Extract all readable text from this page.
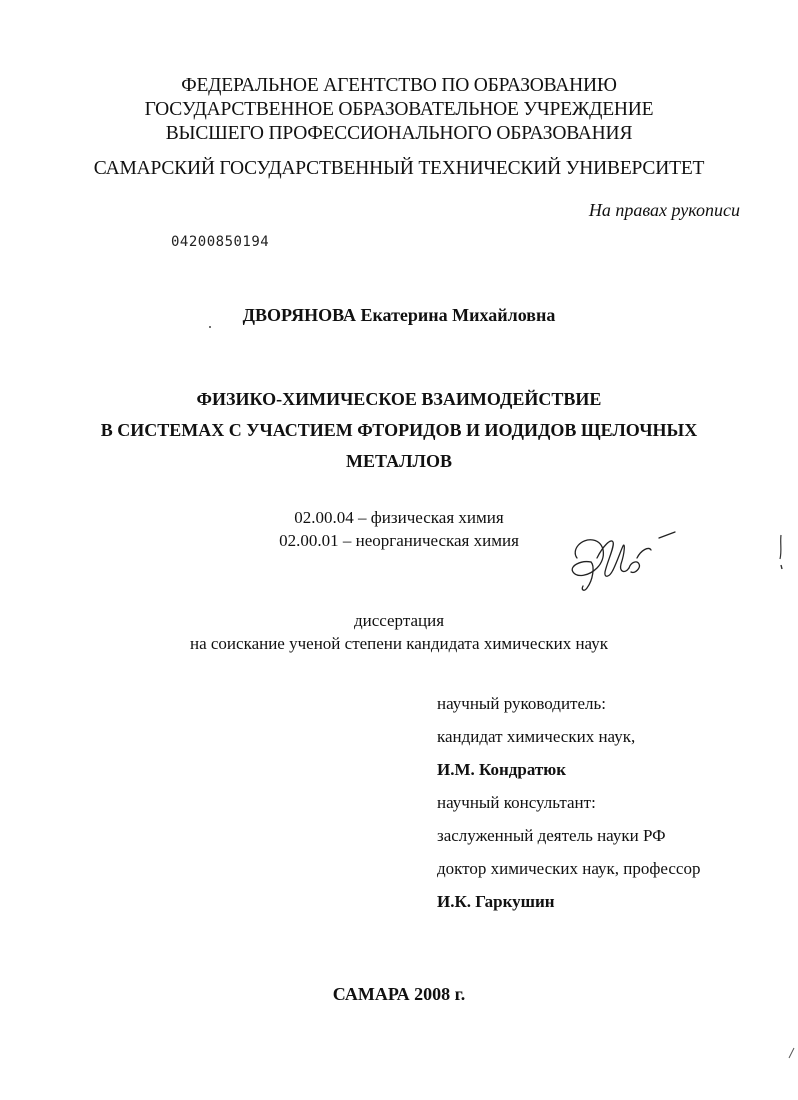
ФЕДЕРАЛЬНОЕ АГЕНТСТВО ПО ОБРАЗОВАНИЮ
ГОСУДАРСТВЕННОЕ ОБРАЗОВАТЕЛЬНОЕ УЧРЕЖДЕНИЕ
ВЫСШЕГО ПРОФЕССИОНАЛЬНОГО ОБРАЗОВАНИЯ
САМАРСКИЙ ГОСУДАРСТВЕННЫЙ ТЕХНИЧЕСКИЙ УНИВЕРСИТЕТ
На правах рукописи
04200850194
ДВОРЯНОВА Екатерина Михайловна
ФИЗИКО-ХИМИЧЕСКОЕ ВЗАИМОДЕЙСТВИЕ
В СИСТЕМАХ С УЧАСТИЕМ ФТОРИДОВ И ИОДИДОВ ЩЕЛОЧНЫХ
МЕТАЛЛОВ
02.00.04 – физическая химия
02.00.01 – неорганическая химия
диссертация
на соискание ученой степени кандидата химических наук
научный руководитель:
кандидат химических наук,
И.М. Кондратюк
научный консультант:
заслуженный деятель науки РФ
доктор химических наук, профессор
И.К. Гаркушин
САМАРА 2008 г.
